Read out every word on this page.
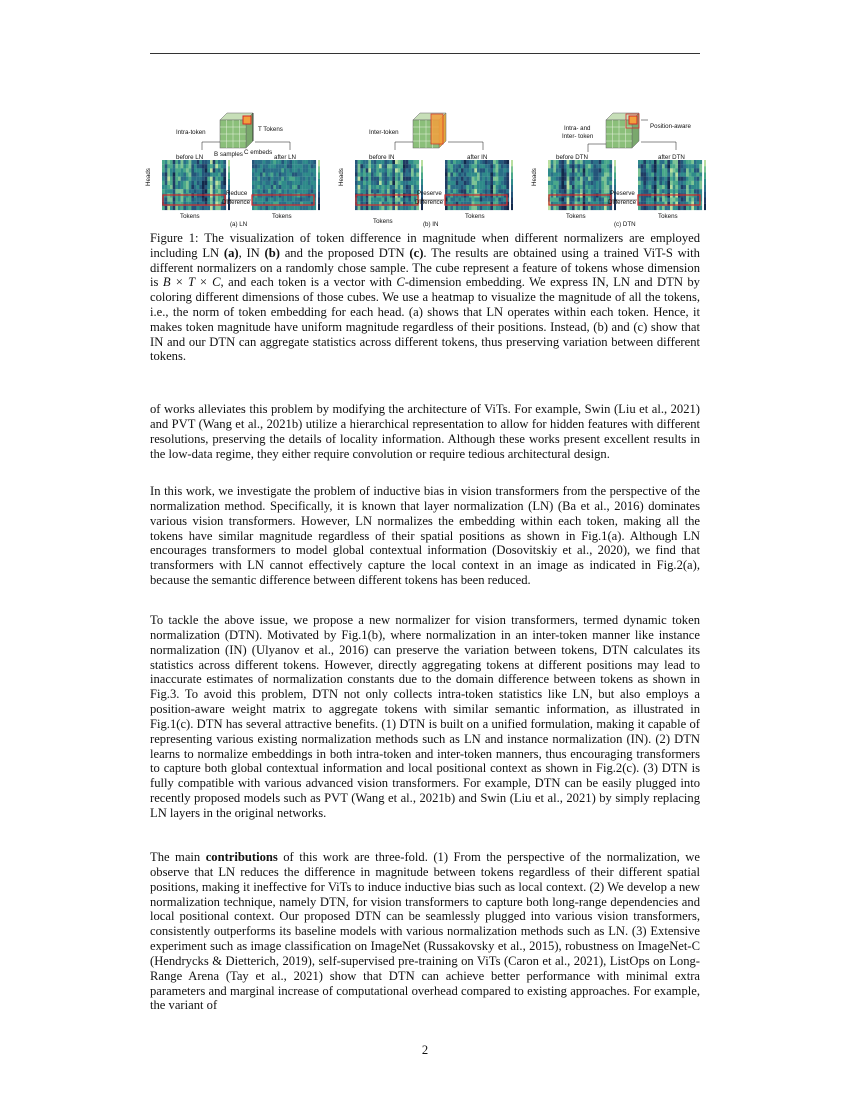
Intra-token	T Tokens
B samples C embeds
before LN	after LN
Heads
Reduce
Difference
Tokens	Tokens
(a) LN
Inter-token
before IN	after IN
Heads
Preserve
Difference
Tokens
Tokens
(b) IN
Intra- and
Inter- token
Position-aware
before DTN	after DTN
Heads
Preserve
Difference
Tokens	Tokens
(c) DTN
Figure 1: The visualization of token difference in magnitude when different normalizers are employed including LN (a), IN (b) and the proposed DTN (c). The results are obtained using a trained ViT-S with different normalizers on a randomly chose sample. The cube represent a feature of tokens whose dimension is B × T × C, and each token is a vector with C-dimension embedding. We express IN, LN and DTN by coloring different dimensions of those cubes. We use a heatmap to visualize the magnitude of all the tokens, i.e., the norm of token embedding for each head. (a) shows that LN operates within each token. Hence, it makes token magnitude have uniform magnitude regardless of their positions. Instead, (b) and (c) show that IN and our DTN can aggregate statistics across different tokens, thus preserving variation between different tokens.

of works alleviates this problem by modifying the architecture of ViTs. For example, Swin (Liu et al., 2021) and PVT (Wang et al., 2021b) utilize a hierarchical representation to allow for hidden features with different resolutions, preserving the details of locality information. Although these works present excellent results in the low-data regime, they either require convolution or require tedious architectural design.

In this work, we investigate the problem of inductive bias in vision transformers from the perspective of the normalization method. Specifically, it is known that layer normalization (LN) (Ba et al., 2016) dominates various vision transformers. However, LN normalizes the embedding within each token, making all the tokens have similar magnitude regardless of their spatial positions as shown in Fig.1(a). Although LN encourages transformers to model global contextual information (Dosovitskiy et al., 2020), we find that transformers with LN cannot effectively capture the local context in an image as indicated in Fig.2(a), because the semantic difference between different tokens has been reduced.

To tackle the above issue, we propose a new normalizer for vision transformers, termed dynamic token normalization (DTN). Motivated by Fig.1(b), where normalization in an inter-token manner like instance normalization (IN) (Ulyanov et al., 2016) can preserve the variation between tokens, DTN calculates its statistics across different tokens. However, directly aggregating tokens at different positions may lead to inaccurate estimates of normalization constants due to the domain difference between tokens as shown in Fig.3. To avoid this problem, DTN not only collects intra-token statistics like LN, but also employs a position-aware weight matrix to aggregate tokens with similar semantic information, as illustrated in Fig.1(c). DTN has several attractive benefits. (1) DTN is built on a unified formulation, making it capable of representing various existing normalization methods such as LN and instance normalization (IN). (2) DTN learns to normalize embeddings in both intra-token and inter-token manners, thus encouraging transformers to capture both global contextual information and local positional context as shown in Fig.2(c). (3) DTN is fully compatible with various advanced vision transformers. For example, DTN can be easily plugged into recently proposed models such as PVT (Wang et al., 2021b) and Swin (Liu et al., 2021) by simply replacing LN layers in the original networks.

The main contributions of this work are three-fold. (1) From the perspective of the normalization, we observe that LN reduces the difference in magnitude between tokens regardless of their different spatial positions, making it ineffective for ViTs to induce inductive bias such as local context. (2) We develop a new normalization technique, namely DTN, for vision transformers to capture both long-range dependencies and local positional context. Our proposed DTN can be seamlessly plugged into various vision transformers, consistently outperforms its baseline models with various normalization methods such as LN. (3) Extensive experiment such as image classification on ImageNet (Russakovsky et al., 2015), robustness on ImageNet-C (Hendrycks & Dietterich, 2019), self-supervised pre-training on ViTs (Caron et al., 2021), ListOps on Long-Range Arena (Tay et al., 2021) show that DTN can achieve better performance with minimal extra parameters and marginal increase of computational overhead compared to existing approaches. For example, the variant of

2
